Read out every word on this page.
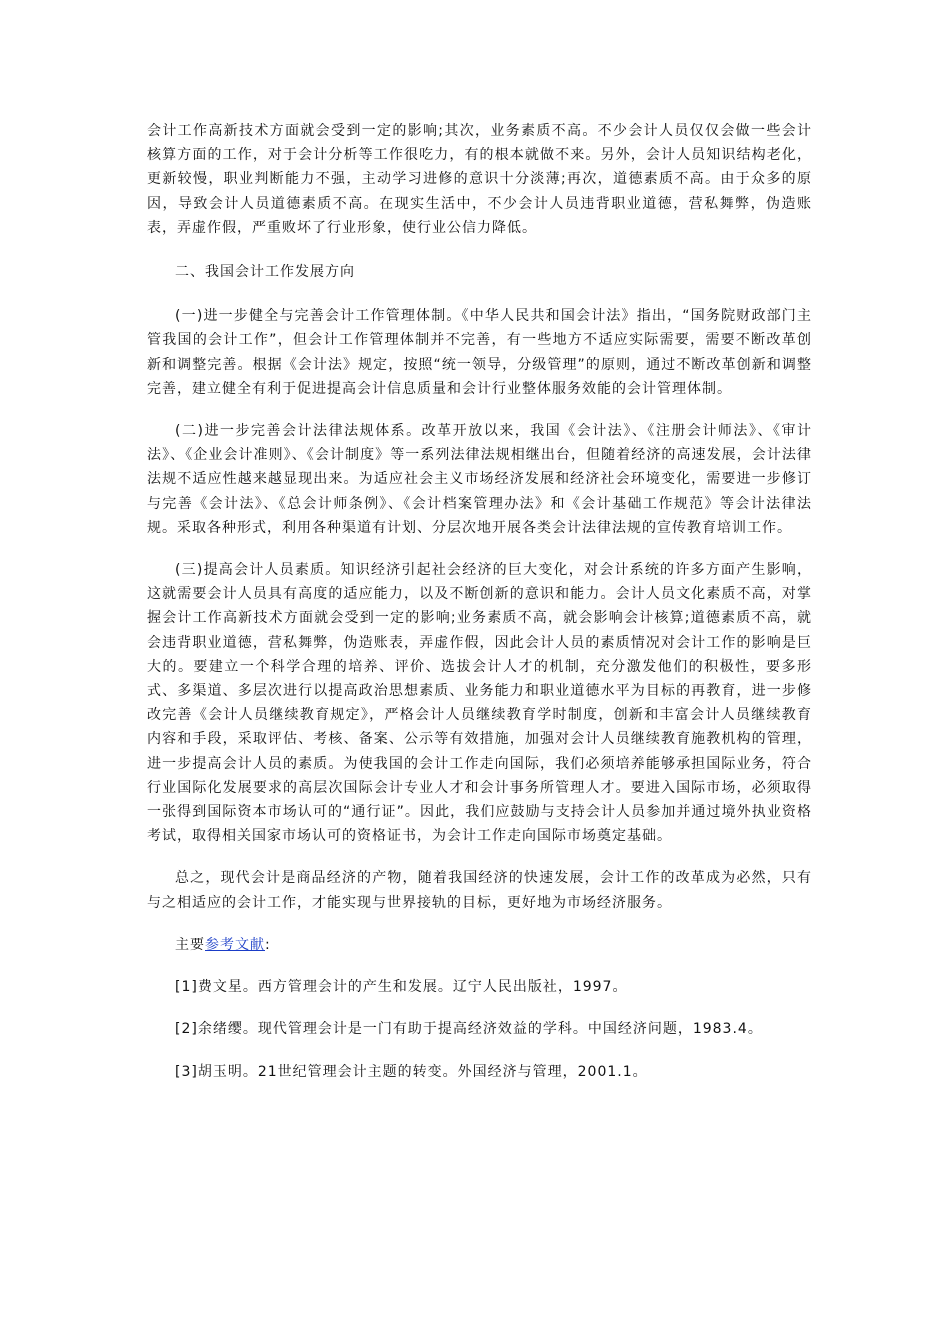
会计工作高新技术方面就会受到一定的影响;其次，业务素质不高。不少会计人员仅仅会做一些会计核算方面的工作，对于会计分析等工作很吃力，有的根本就做不来。另外，会计人员知识结构老化，更新较慢，职业判断能力不强，主动学习进修的意识十分淡薄;再次，道德素质不高。由于众多的原因，导致会计人员道德素质不高。在现实生活中，不少会计人员违背职业道德，营私舞弊，伪造账表，弄虚作假，严重败坏了行业形象，使行业公信力降低。

二、我国会计工作发展方向

(一)进一步健全与完善会计工作管理体制。《中华人民共和国会计法》指出，“国务院财政部门主管我国的会计工作”，但会计工作管理体制并不完善，有一些地方不适应实际需要，需要不断改革创新和调整完善。根据《会计法》规定，按照“统一领导，分级管理”的原则，通过不断改革创新和调整完善，建立健全有利于促进提高会计信息质量和会计行业整体服务效能的会计管理体制。

(二)进一步完善会计法律法规体系。改革开放以来，我国《会计法》、《注册会计师法》、《审计法》、《企业会计准则》、《会计制度》等一系列法律法规相继出台，但随着经济的高速发展，会计法律法规不适应性越来越显现出来。为适应社会主义市场经济发展和经济社会环境变化，需要进一步修订与完善《会计法》、《总会计师条例》、《会计档案管理办法》和《会计基础工作规范》等会计法律法规。采取各种形式，利用各种渠道有计划、分层次地开展各类会计法律法规的宣传教育培训工作。

(三)提高会计人员素质。知识经济引起社会经济的巨大变化，对会计系统的许多方面产生影响，这就需要会计人员具有高度的适应能力，以及不断创新的意识和能力。会计人员文化素质不高，对掌握会计工作高新技术方面就会受到一定的影响;业务素质不高，就会影响会计核算;道德素质不高，就会违背职业道德，营私舞弊，伪造账表，弄虚作假，因此会计人员的素质情况对会计工作的影响是巨大的。要建立一个科学合理的培养、评价、选拔会计人才的机制，充分激发他们的积极性，要多形式、多渠道、多层次进行以提高政治思想素质、业务能力和职业道德水平为目标的再教育，进一步修改完善《会计人员继续教育规定》，严格会计人员继续教育学时制度，创新和丰富会计人员继续教育内容和手段，采取评估、考核、备案、公示等有效措施，加强对会计人员继续教育施教机构的管理，进一步提高会计人员的素质。为使我国的会计工作走向国际，我们必须培养能够承担国际业务，符合行业国际化发展要求的高层次国际会计专业人才和会计事务所管理人才。要进入国际市场，必须取得一张得到国际资本市场认可的“通行证”。因此，我们应鼓励与支持会计人员参加并通过境外执业资格考试，取得相关国家市场认可的资格证书，为会计工作走向国际市场奠定基础。

总之，现代会计是商品经济的产物，随着我国经济的快速发展，会计工作的改革成为必然，只有与之相适应的会计工作，才能实现与世界接轨的目标，更好地为市场经济服务。

主要参考文献:

[1]费文星。西方管理会计的产生和发展。辽宁人民出版社，1997。

[2]余绪缨。现代管理会计是一门有助于提高经济效益的学科。中国经济问题，1983.4。

[3]胡玉明。21世纪管理会计主题的转变。外国经济与管理，2001.1。
